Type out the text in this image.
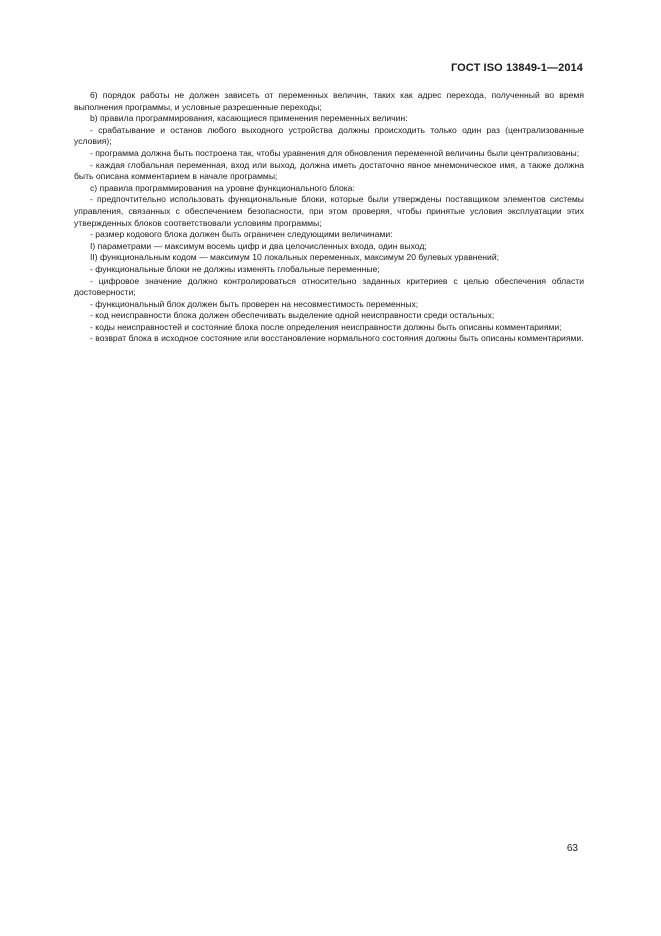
ГОСТ ISO 13849-1—2014

6) порядок работы не должен зависеть от переменных величин, таких как адрес перехода, полученный во время выполнения программы, и условные разрешенные переходы;

b) правила программирования, касающиеся применения переменных величин:

- срабатывание и останов любого выходного устройства должны происходить только один раз (централизованные условия);

- программа должна быть построена так, чтобы уравнения для обновления переменной величины были централизованы;

- каждая глобальная переменная, вход или выход, должна иметь достаточно явное мнемоническое имя, а также должна быть описана комментарием в начале программы;

c) правила программирования на уровне функционального блока:

- предпочтительно использовать функциональные блоки, которые были утверждены поставщиком элементов системы управления, связанных с обеспечением безопасности, при этом проверяя, чтобы принятые условия эксплуатации этих утвержденных блоков соответствовали условиям программы;

- размер кодового блока должен быть ограничен следующими величинами:

I) параметрами — максимум восемь цифр и два целочисленных входа, один выход;

II) функциональным кодом — максимум 10 локальных переменных, максимум 20 булевых уравнений;

- функциональные блоки не должны изменять глобальные переменные;

- цифровое значение должно контролироваться относительно заданных критериев с целью обеспечения области достоверности;

- функциональный блок должен быть проверен на несовместимость переменных;

- код неисправности блока должен обеспечивать выделение одной неисправности среди остальных;

- коды неисправностей и состояние блока после определения неисправности должны быть описаны комментариями;

- возврат блока в исходное состояние или восстановление нормального состояния должны быть описаны комментариями.

63
